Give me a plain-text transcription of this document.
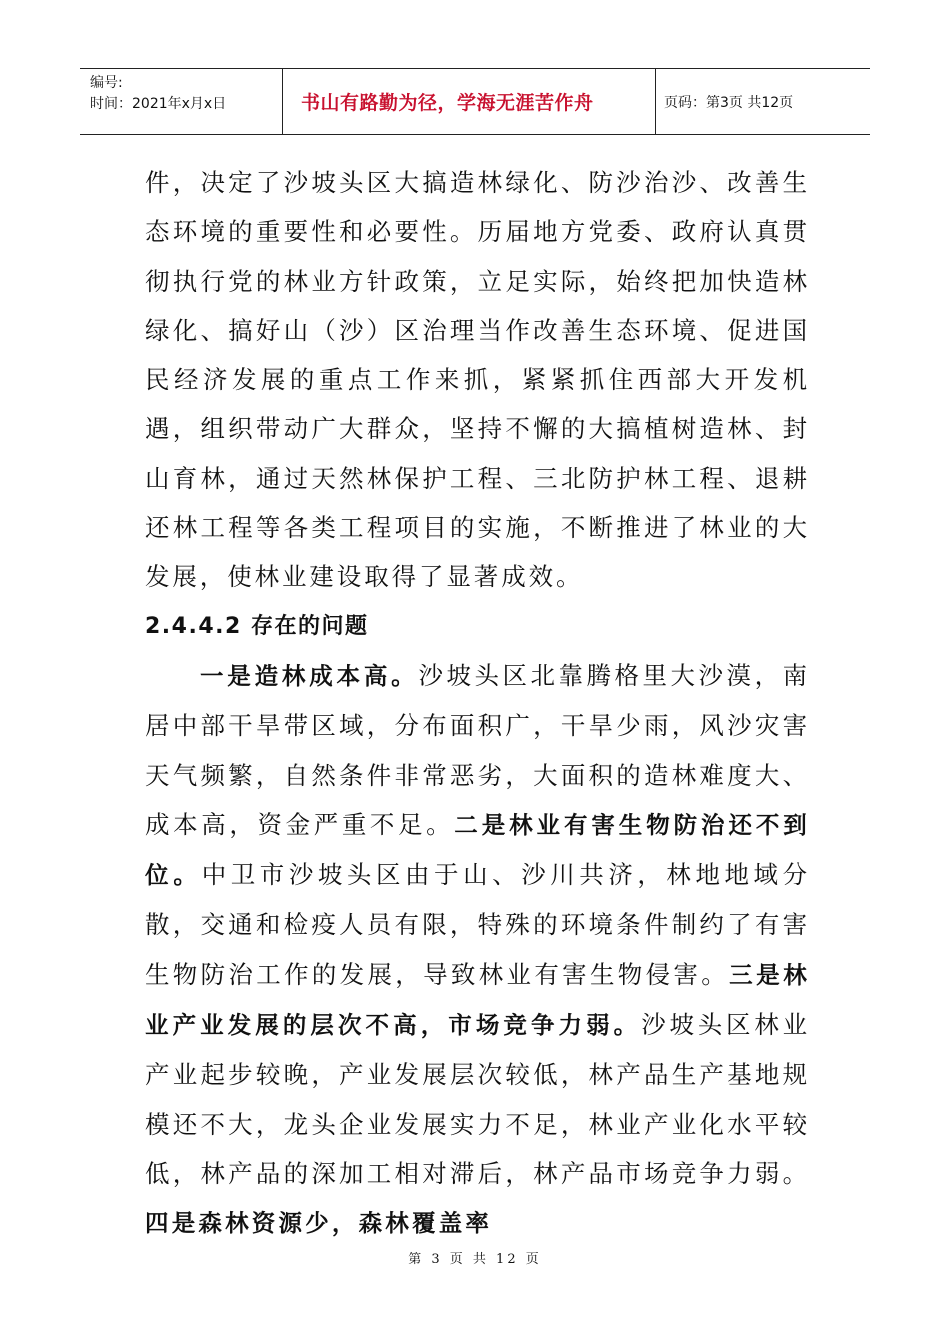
编号:
时间：2021年x月x日	书山有路勤为径，学海无涯苦作舟	页码：第3页 共12页

件，决定了沙坡头区大搞造林绿化、防沙治沙、改善生态环境的重要性和必要性。历届地方党委、政府认真贯彻执行党的林业方针政策，立足实际，始终把加快造林绿化、搞好山（沙）区治理当作改善生态环境、促进国民经济发展的重点工作来抓，紧紧抓住西部大开发机遇，组织带动广大群众，坚持不懈的大搞植树造林、封山育林，通过天然林保护工程、三北防护林工程、退耕还林工程等各类工程项目的实施，不断推进了林业的大发展，使林业建设取得了显著成效。

2.4.4.2 存在的问题

一是造林成本高。沙坡头区北靠腾格里大沙漠，南居中部干旱带区域，分布面积广，干旱少雨，风沙灾害天气频繁，自然条件非常恶劣，大面积的造林难度大、成本高，资金严重不足。二是林业有害生物防治还不到位。中卫市沙坡头区由于山、沙川共济，林地地域分散，交通和检疫人员有限，特殊的环境条件制约了有害生物防治工作的发展，导致林业有害生物侵害。三是林业产业发展的层次不高，市场竞争力弱。沙坡头区林业产业起步较晚，产业发展层次较低，林产品生产基地规模还不大，龙头企业发展实力不足，林业产业化水平较低，林产品的深加工相对滞后，林产品市场竞争力弱。四是森林资源少，森林覆盖率

第 3 页 共 12 页
